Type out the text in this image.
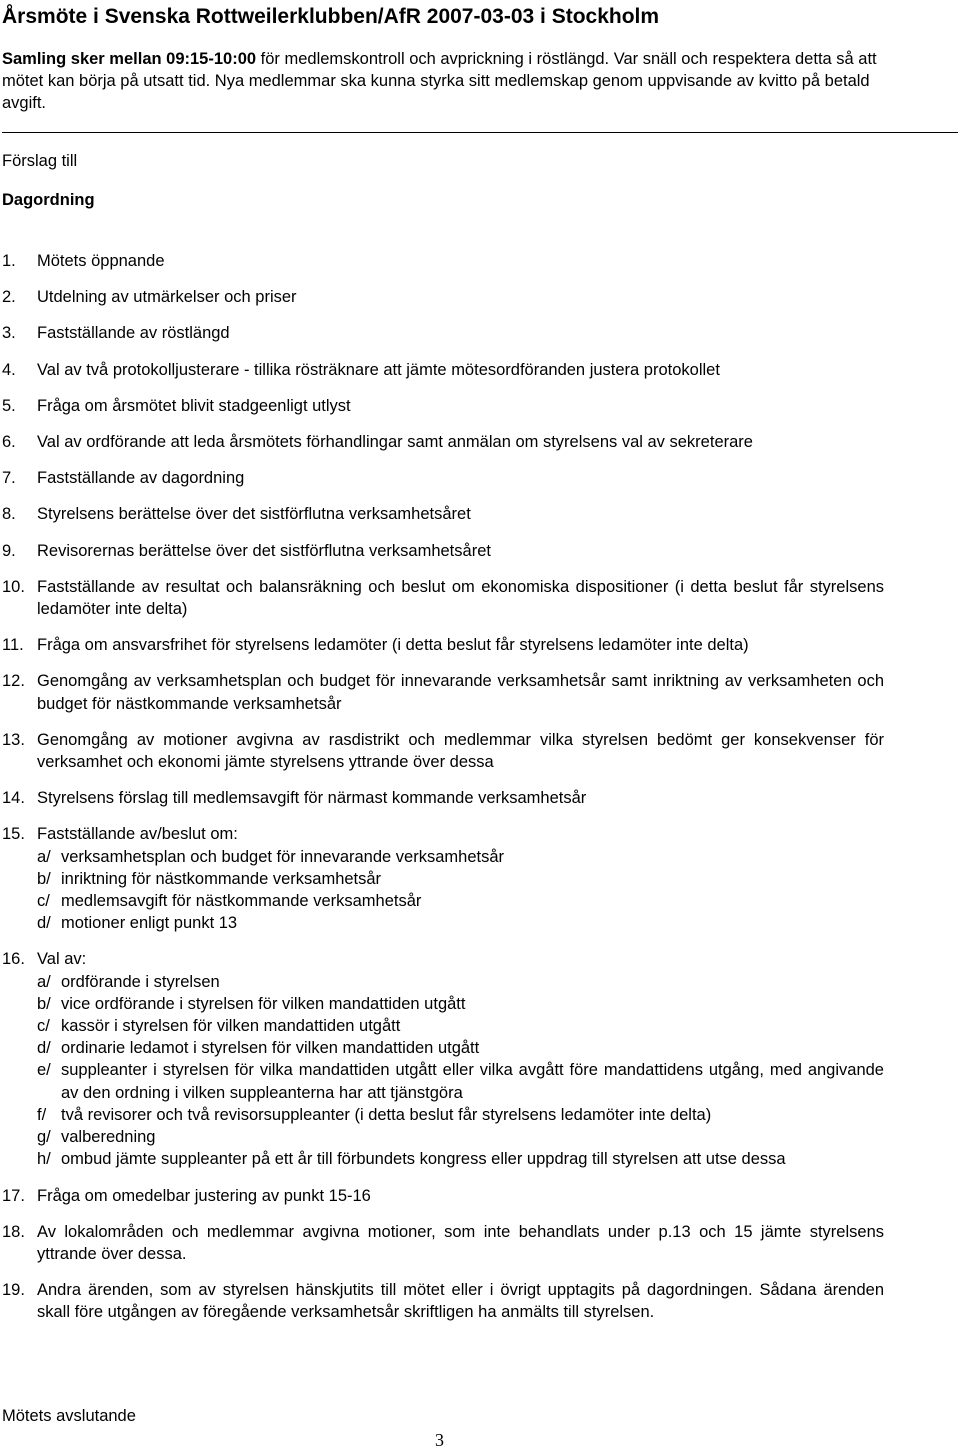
Årsmöte i Svenska Rottweilerklubben/AfR 2007-03-03 i Stockholm
Samling sker mellan 09:15-10:00 för medlemskontroll och avprickning i röstlängd. Var snäll och respektera detta så att mötet kan börja på utsatt tid. Nya medlemmar ska kunna styrka sitt medlemskap genom uppvisande av kvitto på betald avgift.
Förslag till
Dagordning
1. Mötets öppnande
2. Utdelning av utmärkelser och priser
3. Fastställande av röstlängd
4. Val av två protokolljusterare - tillika rösträknare att jämte mötesordföranden justera protokollet
5. Fråga om årsmötet blivit stadgeenligt utlyst
6. Val av ordförande att leda årsmötets förhandlingar samt anmälan om styrelsens val av sekreterare
7. Fastställande av dagordning
8. Styrelsens berättelse över det sistförflutna verksamhetsåret
9. Revisorernas berättelse över det sistförflutna verksamhetsåret
10. Fastställande av resultat och balansräkning och beslut om ekonomiska dispositioner (i detta beslut får styrelsens ledamöter inte delta)
11. Fråga om ansvarsfrihet för styrelsens ledamöter (i detta beslut får styrelsens ledamöter inte delta)
12. Genomgång av verksamhetsplan och budget för innevarande verksamhetsår samt inriktning av verksamheten och budget för nästkommande verksamhetsår
13. Genomgång av motioner avgivna av rasdistrikt och medlemmar vilka styrelsen bedömt ger konsekvenser för verksamhet och ekonomi jämte styrelsens yttrande över dessa
14. Styrelsens förslag till medlemsavgift för närmast kommande verksamhetsår
15. Fastställande av/beslut om:
a/ verksamhetsplan och budget för innevarande verksamhetsår
b/ inriktning för nästkommande verksamhetsår
c/ medlemsavgift för nästkommande verksamhetsår
d/ motioner enligt punkt 13
16. Val av:
a/ ordförande i styrelsen
b/ vice ordförande i styrelsen för vilken mandattiden utgått
c/ kassör i styrelsen för vilken mandattiden utgått
d/ ordinarie ledamot i styrelsen för vilken mandattiden utgått
e/ suppleanter i styrelsen för vilka mandattiden utgått eller vilka avgått före mandattidens utgång, med angivande av den ordning i vilken suppleanterna har att tjänstgöra
f/ två revisorer och två revisorsuppleanter (i detta beslut får styrelsens ledamöter inte delta)
g/ valberedning
h/ ombud jämte suppleanter på ett år till förbundets kongress eller uppdrag till styrelsen att utse dessa
17. Fråga om omedelbar justering av punkt 15-16
18. Av lokalområden och medlemmar avgivna motioner, som inte behandlats under p.13 och 15 jämte styrelsens yttrande över dessa.
19. Andra ärenden, som av styrelsen hänskjutits till mötet eller i övrigt upptagits på dagordningen. Sådana ärenden skall före utgången av föregående verksamhetsår skriftligen ha anmälts till styrelsen.
Mötets avslutande
3
